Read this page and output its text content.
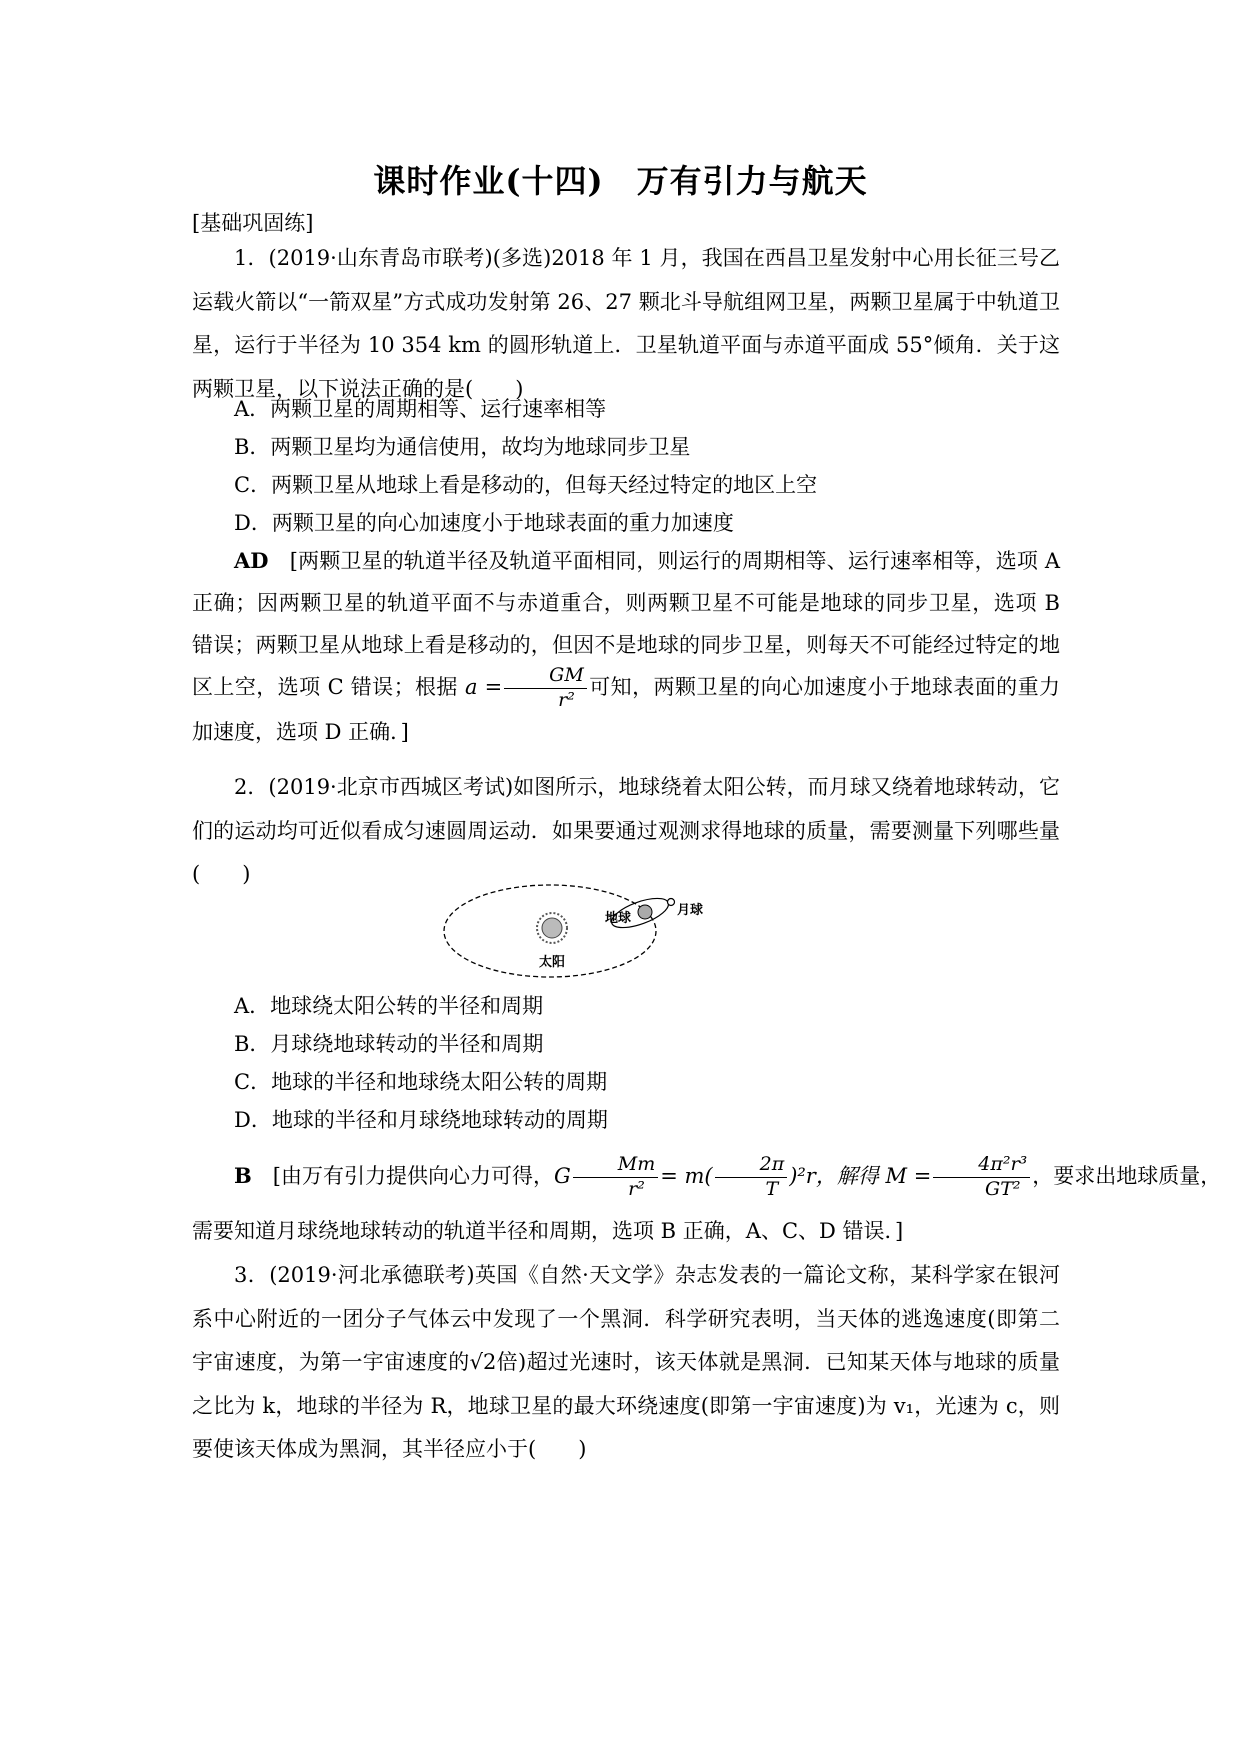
课时作业(十四)　万有引力与航天
[基础巩固练]
1．(2019·山东青岛市联考)(多选)2018 年 1 月，我国在西昌卫星发射中心用长征三号乙运载火箭以“一箭双星”方式成功发射第 26、27 颗北斗导航组网卫星，两颗卫星属于中轨道卫星，运行于半径为 10 354 km 的圆形轨道上．卫星轨道平面与赤道平面成 55°倾角．关于这两颗卫星，以下说法正确的是(　　)
A．两颗卫星的周期相等、运行速率相等
B．两颗卫星均为通信使用，故均为地球同步卫星
C．两颗卫星从地球上看是移动的，但每天经过特定的地区上空
D．两颗卫星的向心加速度小于地球表面的重力加速度
AD　 [两颗卫星的轨道半径及轨道平面相同，则运行的周期相等、运行速率相等，选项 A 正确；因两颗卫星的轨道平面不与赤道重合，则两颗卫星不可能是地球的同步卫星，选项 B 错误；两颗卫星从地球上看是移动的，但因不是地球的同步卫星，则每天不可能经过特定的地区上空，选项 C 错误；根据 $a = \frac{GM}{\text{r²}}$ 可知，两颗卫星的向心加速度小于地球表面的重力加速度，选项 D 正确．]
2．(2019·北京市西城区考试)如图所示，地球绕着太阳公转，而月球又绕着地球转动，它们的运动均可近似看成匀速圆周运动．如果要通过观测求得地球的质量，需要测量下列哪些量(　　)
太阳
地球
月球
A．地球绕太阳公转的半径和周期
B．月球绕地球转动的半径和周期
C．地球的半径和地球绕太阳公转的周期
D．地球的半径和月球绕地球转动的周期
B　 [由万有引力提供向心力可得，G $\frac{Mm}{\text{r²}} = m( \frac{2\pi}{T} )^2r$，解得 $M = \frac{\text{4π²r³}}{\text{GT²}}$ ，要求出地球质量，
需要知道月球绕地球转动的轨道半径和周期，选项 B 正确，A、C、D 错误．]
3．(2019·河北承德联考)英国《自然·天文学》杂志发表的一篇论文称，某科学家在银河系中心附近的一团分子气体云中发现了一个黑洞．科学研究表明，当天体的逃逸速度(即第二宇宙速度，为第一宇宙速度的√2倍)超过光速时，该天体就是黑洞．已知某天体与地球的质量之比为 k，地球的半径为 R，地球卫星的最大环绕速度(即第一宇宙速度)为 v₁，光速为 c，则要使该天体成为黑洞，其半径应小于(　　)
